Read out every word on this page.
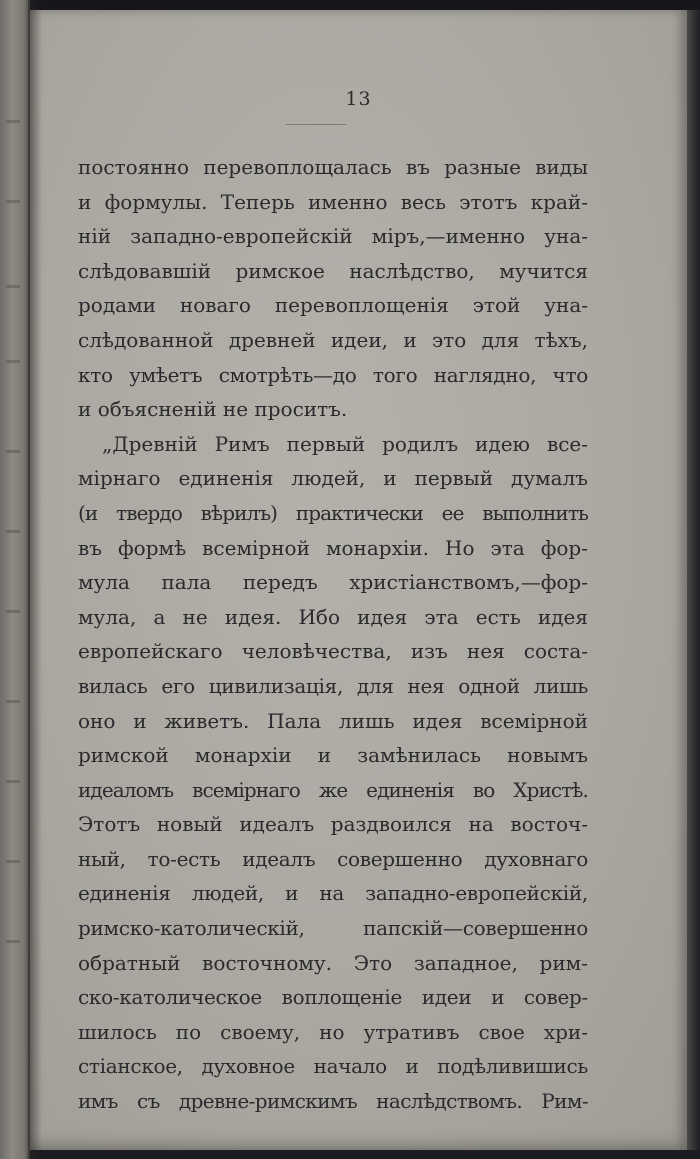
13
постоянно перевоплощалась въ разные виды
и формулы. Теперь именно весь этотъ край-
ній западно-европейскій міръ,—именно уна-
слѣдовавшій римское наслѣдство, мучится
родами новаго перевоплощенія этой уна-
слѣдованной древней идеи, и это для тѣхъ,
кто умѣетъ смотрѣть—до того наглядно, что
и объясненій не проситъ.
„Древній Римъ первый родилъ идею все-
мірнаго единенія людей, и первый думалъ
(и твердо вѣрилъ) практически ее выполнить
въ формѣ всемірной монархіи. Но эта фор-
мула пала передъ христіанствомъ,—фор-
мула, а не идея. Ибо идея эта есть идея
европейскаго человѣчества, изъ нея соста-
вилась его цивилизація, для нея одной лишь
оно и живетъ. Пала лишь идея всемірной
римской монархіи и замѣнилась новымъ
идеаломъ всемірнаго же единенія во Христѣ.
Этотъ новый идеалъ раздвоился на восточ-
ный, то-есть идеалъ совершенно духовнаго
единенія людей, и на западно-европейскій,
римско-католическій, папскій—совершенно
обратный восточному. Это западное, рим-
ско-католическое воплощеніе идеи и совер-
шилось по своему, но утративъ свое хри-
стіанское, духовное начало и подѣливишись
имъ съ древне-римскимъ наслѣдствомъ. Рим-
